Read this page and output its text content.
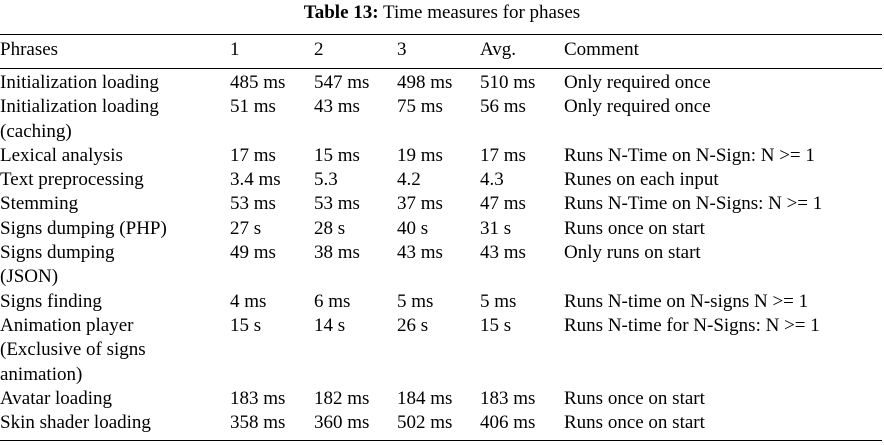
Table 13: Time measures for phases
Phrases	1	2	3	Avg.	Comment

Initialization loading	485 ms	547 ms	498 ms	510 ms	Only required once

Initialization loading
(caching)	51 ms	43 ms	75 ms	56 ms	Only required once

Lexical analysis	17 ms	15 ms	19 ms	17 ms	Runs N-Time on N-Sign: N >= 1

Text preprocessing	3.4 ms	5.3	4.2	4.3	Runes on each input

Stemming	53 ms	53 ms	37 ms	47 ms	Runs N-Time on N-Signs: N >= 1

Signs dumping (PHP)	27 s	28 s	40 s	31 s	Runs once on start

Signs dumping
(JSON)	49 ms	38 ms	43 ms	43 ms	Only runs on start

Signs finding	4 ms	6 ms	5 ms	5 ms	Runs N-time on N-signs N >= 1

Animation player
(Exclusive of signs
animation)	15 s	14 s	26 s	15 s	Runs N-time for N-Signs: N >= 1

Avatar loading	183 ms	182 ms	184 ms	183 ms	Runs once on start

Skin shader loading	358 ms	360 ms	502 ms	406 ms	Runs once on start
